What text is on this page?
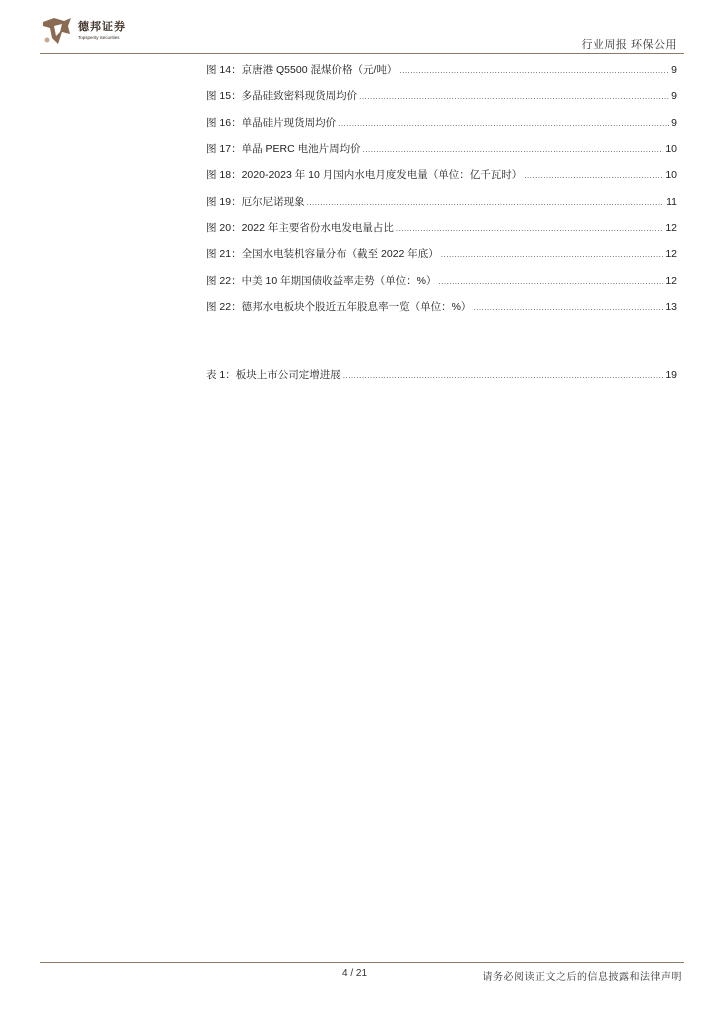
德邦证券
Topsperity Securities
行业周报 环保公用
图 14：京唐港 Q5500 混煤价格（元/吨） .....	9
图 15：多晶硅致密料现货周均价 .....	9
图 16：单晶硅片现货周均价 .....	9
图 17：单晶 PERC 电池片周均价 .....	10
图 18：2020-2023 年 10 月国内水电月度发电量（单位：亿千瓦时） .....	10
图 19：厄尔尼诺现象 .....	11
图 20：2022 年主要省份水电发电量占比 .....	12
图 21：全国水电装机容量分布（截至 2022 年底） .....	12
图 22：中美 10 年期国债收益率走势（单位：%） .....	12
图 22：德邦水电板块个股近五年股息率一览（单位：%） .....	13
表 1：板块上市公司定增进展 .....	19
4 / 21	请务必阅读正文之后的信息披露和法律声明
